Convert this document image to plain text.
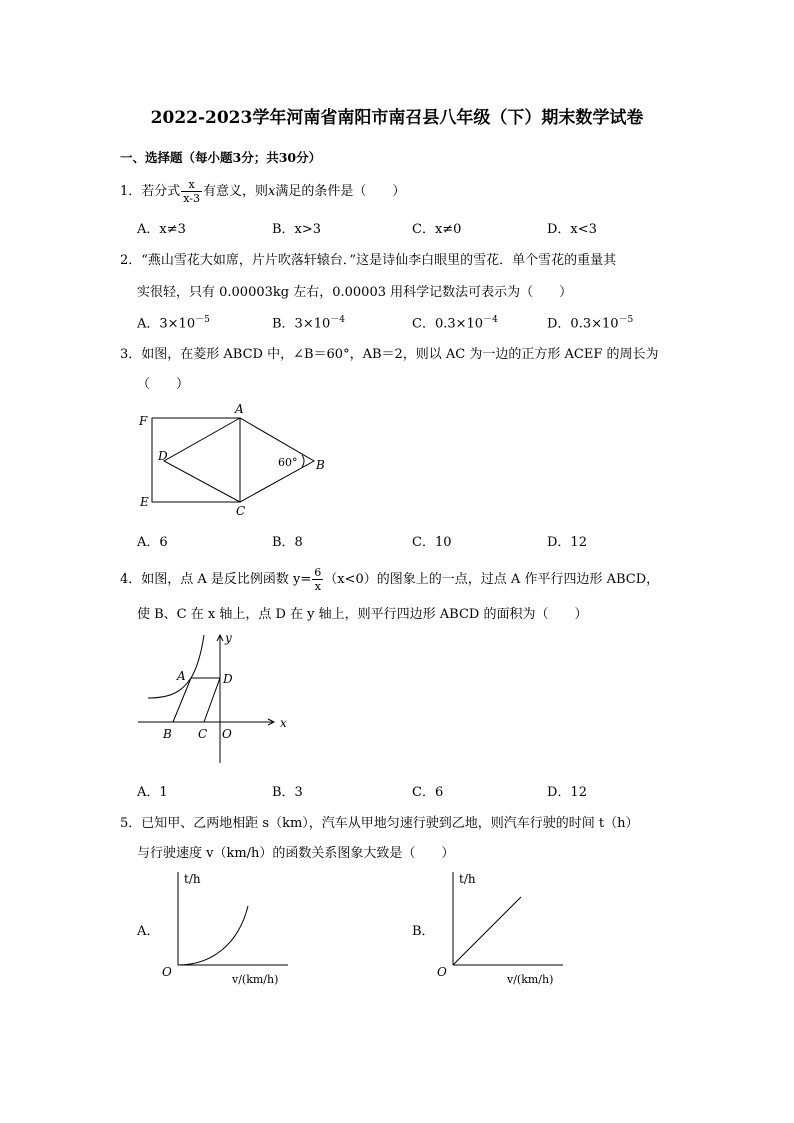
2022-2023学年河南省南阳市南召县八年级（下）期末数学试卷
一、选择题（每小题3分；共30分）
1．若分式 $\frac{x}{x-3}$ 有意义，则x满足的条件是（　　）
A．x≠3	B．x>3	C．x≠0	D．x<3
2．“燕山雪花大如席，片片吹落轩辕台．”这是诗仙李白眼里的雪花．单个雪花的重量其
实很轻，只有 0.00003kg 左右，0.00003 用科学记数法可表示为（　　）
A．$3\times 10^{-5}$	B．$3\times 10^{-4}$	C．$0.3\times 10^{-4}$	D．$0.3\times 10^{-5}$
3．如图，在菱形 ABCD 中，∠B＝60°，AB＝2，则以 AC 为一边的正方形 ACEF 的周长为
（　　）
F
A
D
B
E
C
60°
A．6	B．8	C．10	D．12
4．如图，点 A 是反比例函数 $y= \frac{6}{x} (x<0)$的图象上的一点，过点 A 作平行四边形 ABCD，
使 B、C 在 x 轴上，点 D 在 y 轴上，则平行四边形 ABCD 的面积为（　　）
y
x
A	D
B C O
A．1	B．3	C．6	D．12
5．已知甲、乙两地相距 s（km），汽车从甲地匀速行驶到乙地，则汽车行驶的时间 t（h）
与行驶速度 v（km/h）的函数关系图象大致是（　　）
A．
t/h
O
v/(km/h)
B．
t/h
O
v/(km/h)
